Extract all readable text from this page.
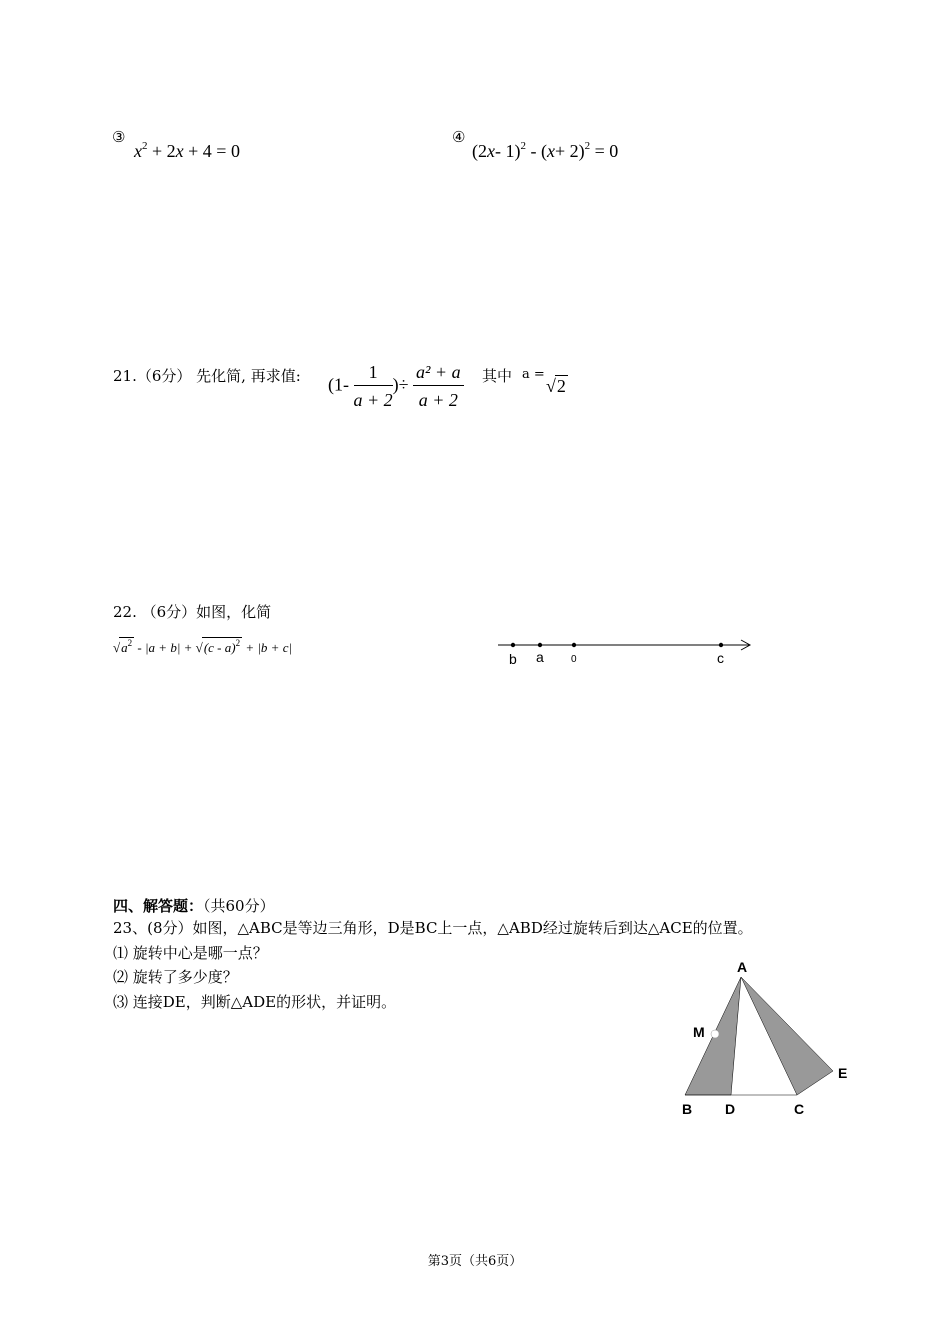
③
$x^2 + 2x + 4 = 0$
④
(2x- $1)^2 - (x+ 2)^2 = 0$
21.（6分） 先化简, 再求值: ($1- \frac{1}{a + 2}$ )÷ $\frac{\text{a² + a}}{a + 2}$ 其中 a =
√2
22. （6分）如图，化简
$√a^2 - |a + b| + √(c - a)^2 + |b + c|$
b a	0	c
四、解答题：（共60分）
23、(8分）如图，△ABC是等边三角形，D是BC上一点，△ABD经过旋转后到达△ACE的位置。
⑴ 旋转中心是哪一点？
⑵ 旋转了多少度？
⑶ 连接DE，判断△ADE的形状，并证明。
A
M
E
B D	C
第3页（共6页）
